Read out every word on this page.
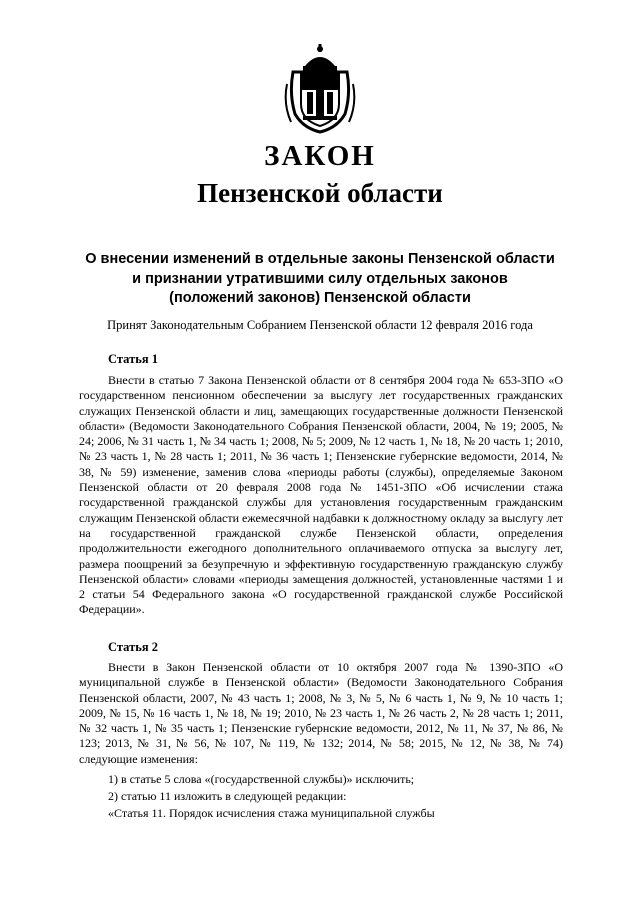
ЗАКОН
Пензенской области
О внесении изменений в отдельные законы Пензенской области
и признании утратившими силу отдельных законов
(положений законов) Пензенской области
Принят Законодательным Собранием Пензенской области 12 февраля 2016 года
Статья 1

Внести в статью 7 Закона Пензенской области от 8 сентября 2004 года № 653-ЗПО «О государственном пенсионном обеспечении за выслугу лет государственных гражданских служащих Пензенской области и лиц, замещающих государственные должности Пензенской области» (Ведомости Законодательного Собрания Пензенской области, 2004, № 19; 2005, № 24; 2006, № 31 часть 1, № 34 часть 1; 2008, № 5; 2009, № 12 часть 1, № 18, № 20 часть 1; 2010, № 23 часть 1, № 28 часть 1; 2011, № 36 часть 1; Пензенские губернские ведомости, 2014, № 38, № 59) изменение, заменив слова «периоды работы (службы), определяемые Законом Пензенской области от 20 февраля 2008 года № 1451-ЗПО «Об исчислении стажа государственной гражданской службы для установления государственным гражданским служащим Пензенской области ежемесячной надбавки к должностному окладу за выслугу лет на государственной гражданской службе Пензенской области, определения продолжительности ежегодного дополнительного оплачиваемого отпуска за выслугу лет, размера поощрений за безупречную и эффективную государственную гражданскую службу Пензенской области» словами «периоды замещения должностей, установленные частями 1 и 2 статьи 54 Федерального закона «О государственной гражданской службе Российской Федерации».

Статья 2

Внести в Закон Пензенской области от 10 октября 2007 года № 1390-ЗПО «О муниципальной службе в Пензенской области» (Ведомости Законодательного Собрания Пензенской области, 2007, № 43 часть 1; 2008, № 3, № 5, № 6 часть 1, № 9, № 10 часть 1; 2009, № 15, № 16 часть 1, № 18, № 19; 2010, № 23 часть 1, № 26 часть 2, № 28 часть 1; 2011, № 32 часть 1, № 35 часть 1; Пензенские губернские ведомости, 2012, № 11, № 37, № 86, № 123; 2013, № 31, № 56, № 107, № 119, № 132; 2014, № 58; 2015, № 12, № 38, № 74) следующие изменения:

1) в статье 5 слова «(государственной службы)» исключить;
2) статью 11 изложить в следующей редакции:
«Статья 11. Порядок исчисления стажа муниципальной службы
